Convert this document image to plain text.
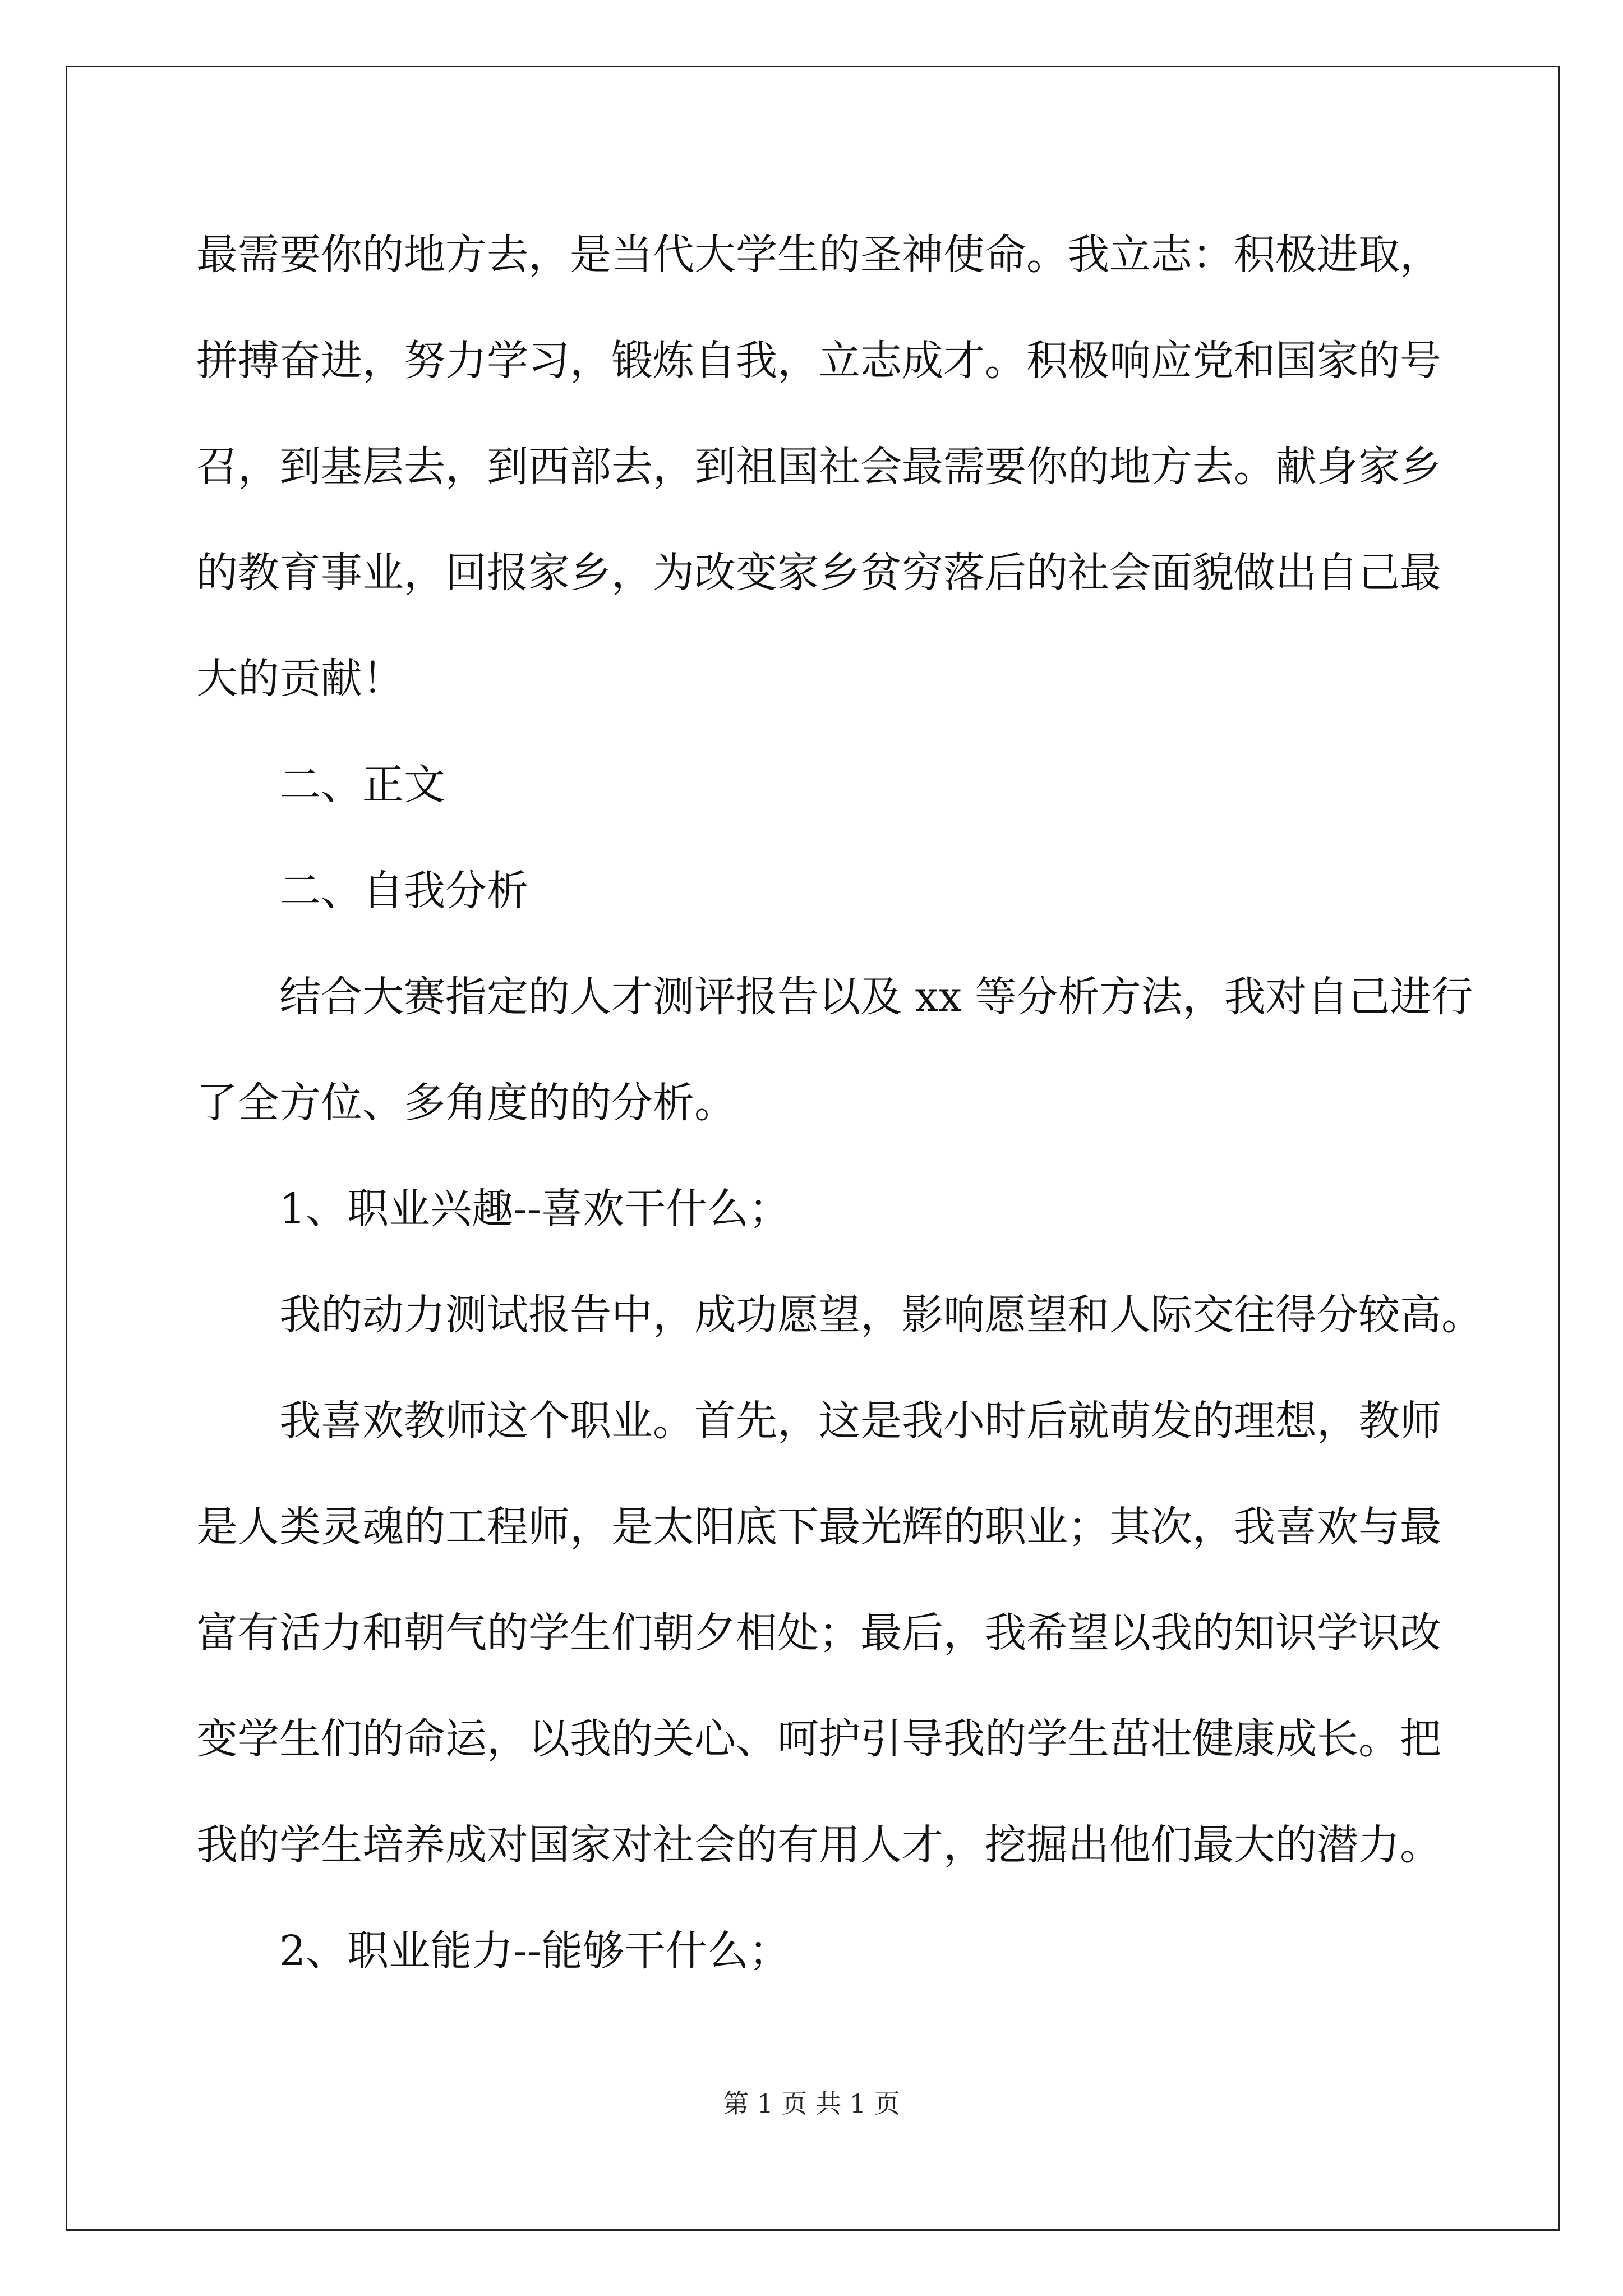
最需要你的地方去，是当代大学生的圣神使命。我立志：积极进取，
拼搏奋进，努力学习，锻炼自我，立志成才。积极响应党和国家的号
召，到基层去，到西部去，到祖国社会最需要你的地方去。献身家乡
的教育事业，回报家乡，为改变家乡贫穷落后的社会面貌做出自己最
大的贡献！
二、正文
二、自我分析
结合大赛指定的人才测评报告以及 xx 等分析方法，我对自己进行
了全方位、多角度的的分析。
1、职业兴趣--喜欢干什么；
我的动力测试报告中，成功愿望，影响愿望和人际交往得分较高。
我喜欢教师这个职业。首先，这是我小时后就萌发的理想，教师
是人类灵魂的工程师，是太阳底下最光辉的职业；其次，我喜欢与最
富有活力和朝气的学生们朝夕相处；最后，我希望以我的知识学识改
变学生们的命运，以我的关心、呵护引导我的学生茁壮健康成长。把
我的学生培养成对国家对社会的有用人才，挖掘出他们最大的潜力。
2、职业能力--能够干什么；
第 1 页 共 1 页
